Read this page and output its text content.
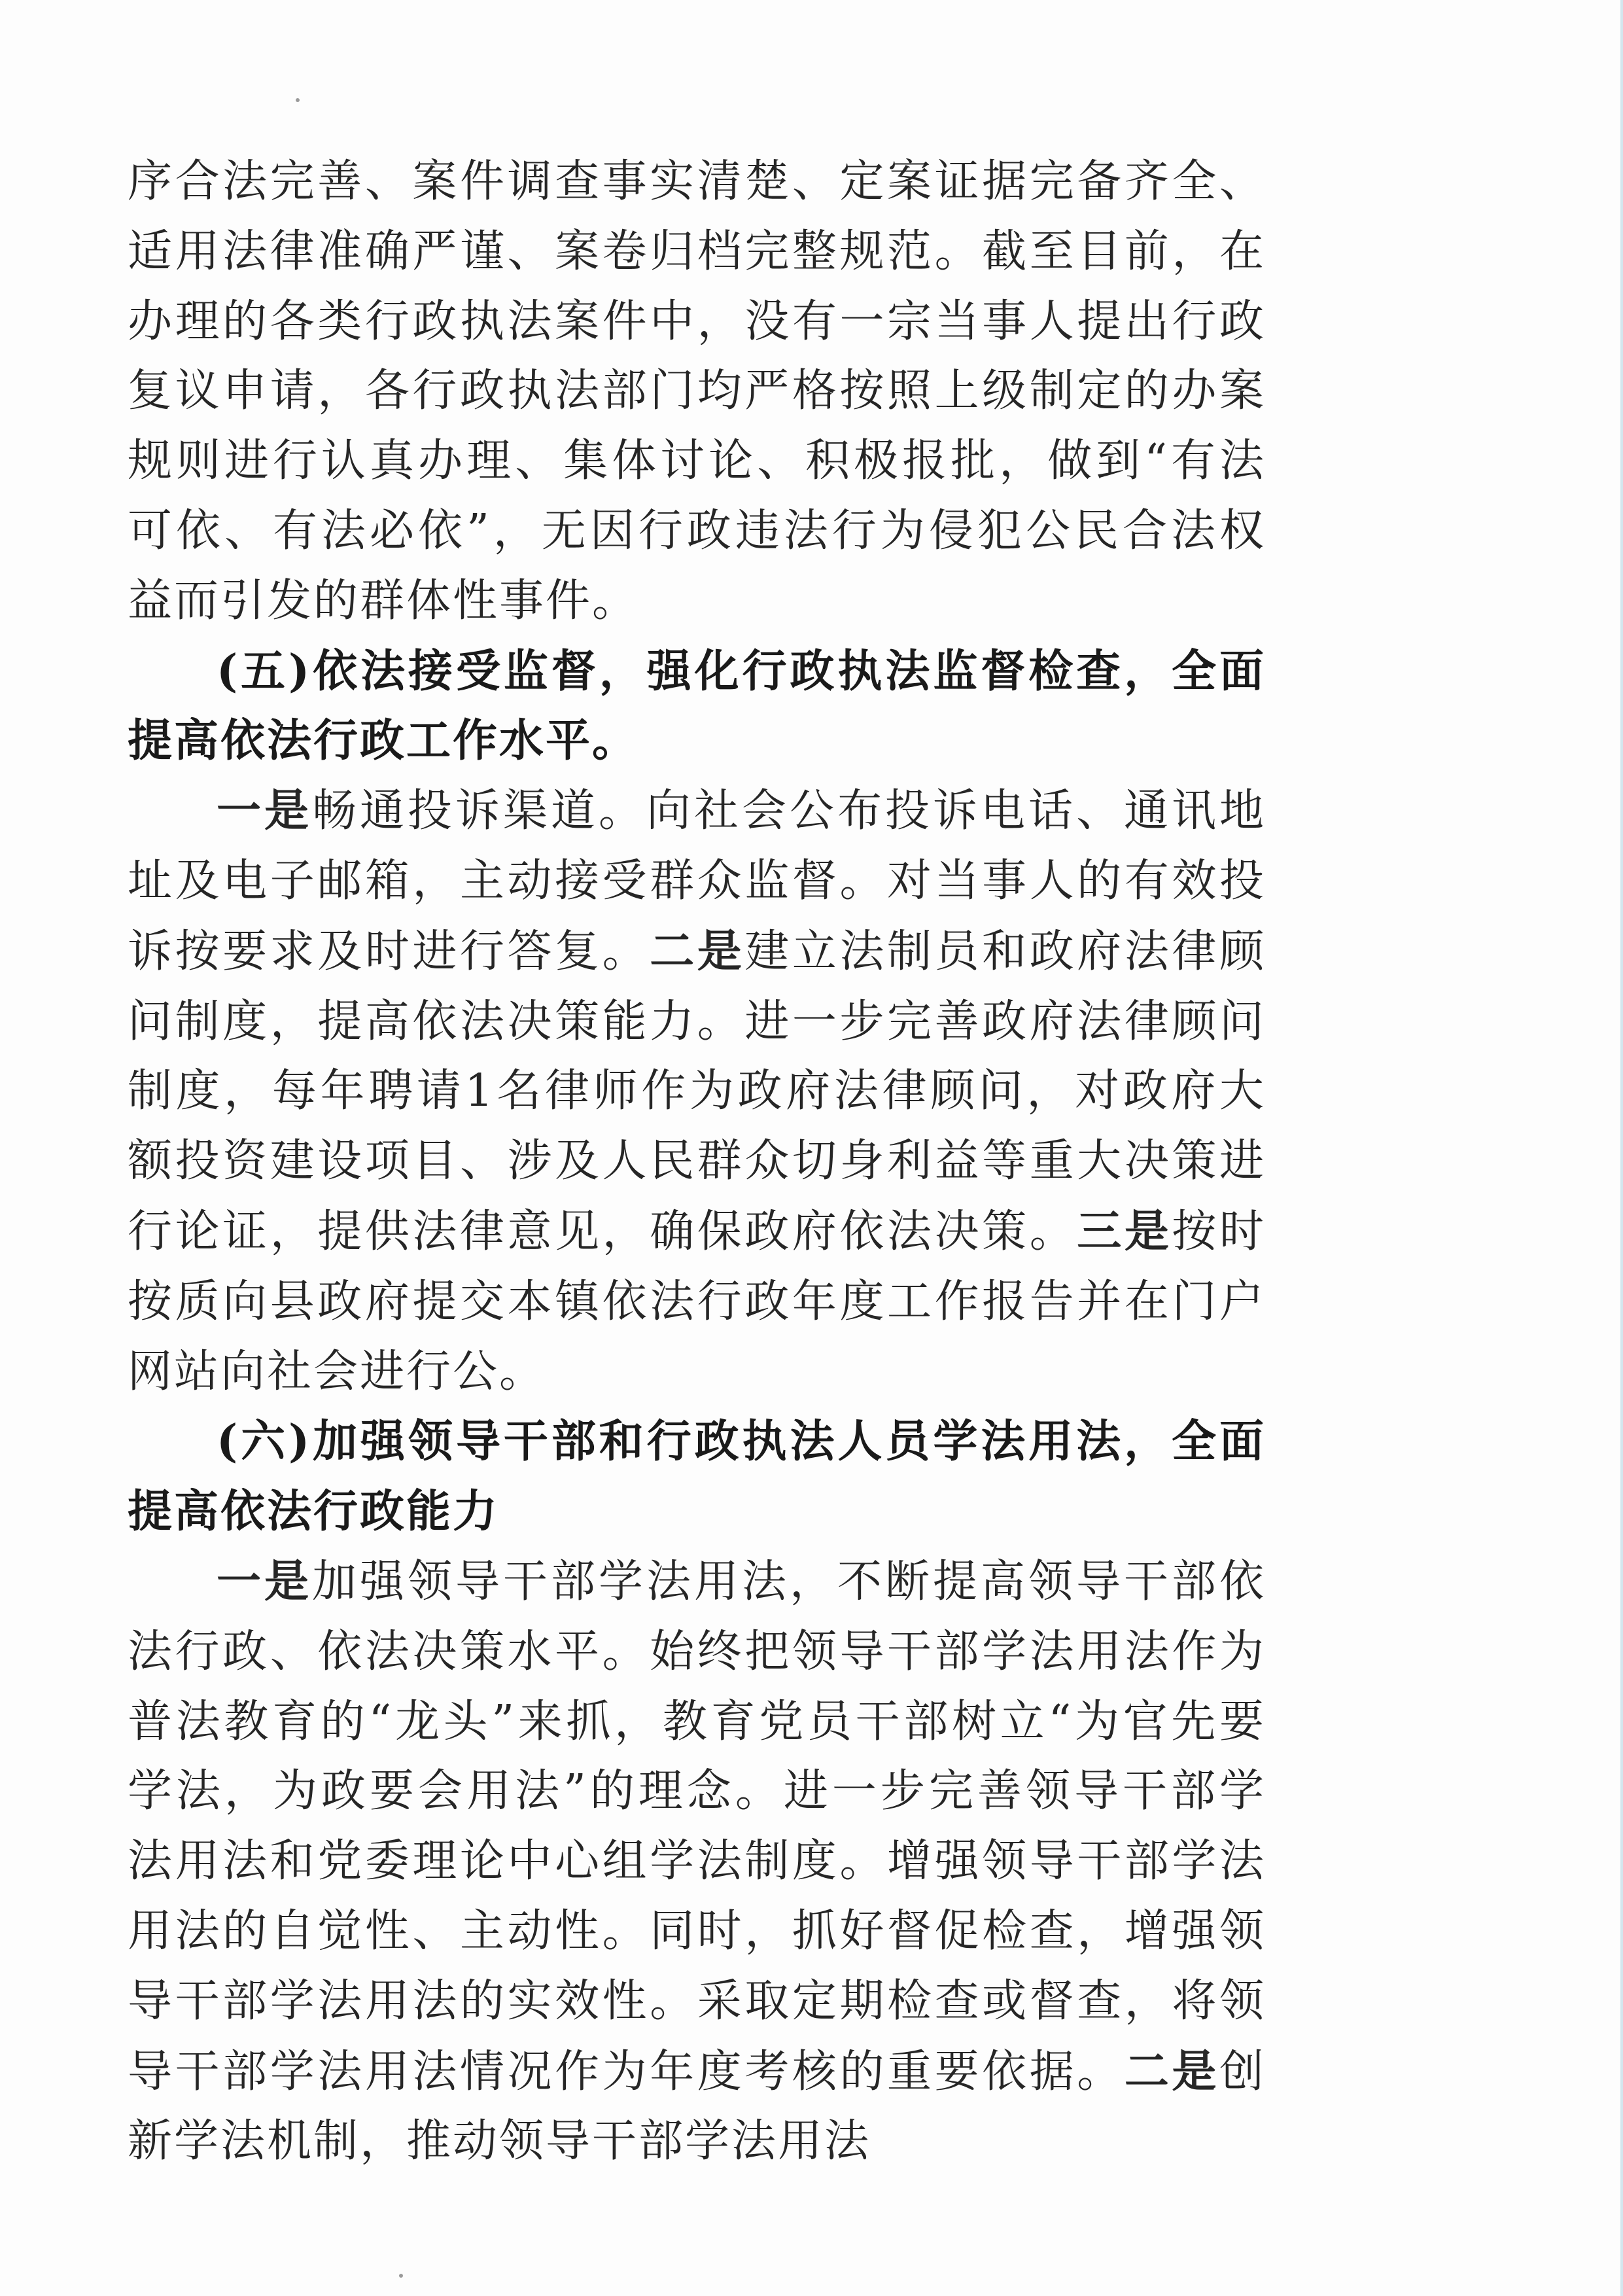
序合法完善、案件调查事实清楚、定案证据完备齐全、适用法律准确严谨、案卷归档完整规范。截至目前，在办理的各类行政执法案件中，没有一宗当事人提出行政复议申请，各行政执法部门均严格按照上级制定的办案规则进行认真办理、集体讨论、积极报批，做到“有法可依、有法必依”，无因行政违法行为侵犯公民合法权益而引发的群体性事件。

(五)依法接受监督，强化行政执法监督检查，全面提高依法行政工作水平。

一是畅通投诉渠道。向社会公布投诉电话、通讯地址及电子邮箱，主动接受群众监督。对当事人的有效投诉按要求及时进行答复。二是建立法制员和政府法律顾问制度，提高依法决策能力。进一步完善政府法律顾问制度，每年聘请1名律师作为政府法律顾问，对政府大额投资建设项目、涉及人民群众切身利益等重大决策进行论证，提供法律意见，确保政府依法决策。三是按时按质向县政府提交本镇依法行政年度工作报告并在门户网站向社会进行公。

(六)加强领导干部和行政执法人员学法用法，全面提高依法行政能力

一是加强领导干部学法用法，不断提高领导干部依法行政、依法决策水平。始终把领导干部学法用法作为普法教育的“龙头”来抓，教育党员干部树立“为官先要学法，为政要会用法”的理念。进一步完善领导干部学法用法和党委理论中心组学法制度。增强领导干部学法用法的自觉性、主动性。同时，抓好督促检查，增强领导干部学法用法的实效性。采取定期检查或督查，将领导干部学法用法情况作为年度考核的重要依据。二是创新学法机制，推动领导干部学法用法
